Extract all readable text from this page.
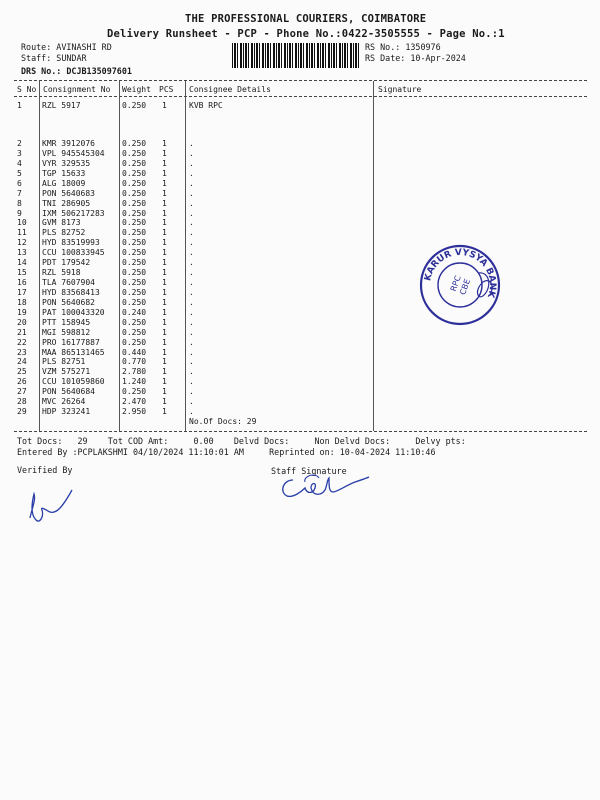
THE PROFESSIONAL COURIERS, COIMBATORE
Delivery Runsheet - PCP - Phone No.:0422-3505555 - Page No.:1
Route: AVINASHI RD
Staff: SUNDAR
DRS No.: DCJB135097601
RS No.: 1350976
RS Date: 10-Apr-2024
S No Consignment No Weight PCS Consignee Details	Signature
1	RZL 5917	0.250 1	KVB RPC
2	KMR 3912076	0.250 1	.
3	VPL 945545304 0.250 1	.
4	VYR 329535	0.250 1	.
5	TGP 15633	0.250 1	.
6	ALG 18009	0.250 1	.
7	PON 5640683	0.250 1	.
8	TNI 286905	0.250 1	.
9	IXM 506217283 0.250 1	.
10 GVM 8173	0.250 1	.
11 PLS 82752	0.250 1	.
12 HYD 83519993	0.250 1	.
13 CCU 100833945 0.250 1	.
14 PDT 179542	0.250 1	.
15 RZL 5918	0.250 1	.
16 TLA 7607904	0.250 1	.
17 HYD 83568413	0.250 1	.
18 PON 5640682	0.250 1	.
19 PAT 100043320 0.240 1	.
20 PTT 158945	0.250 1	.
21 MGI 598812	0.250 1	.
22 PRO 16177887	0.250 1	.
23 MAA 865131465 0.440 1	.
24 PLS 82751	0.770 1	.
25 VZM 575271	2.780 1	.
26 CCU 101059860 1.240 1	.
27 PON 5640684	0.250 1	.
28 MVC 26264	2.470 1	.
29 HDP 323241	2.950 1	.
No.Of Docs: 29
Tot Docs:   29    Tot COD Amt:     0.00    Delvd Docs:     Non Delvd Docs:     Delvy pts:
Entered By :PCPLAKSHMI 04/10/2024 11:10:01 AM     Reprinted on: 10-04-2024 11:10:46
Verified By	Staff Signature
KARUR VYSYA BANK
RPC
CBE
